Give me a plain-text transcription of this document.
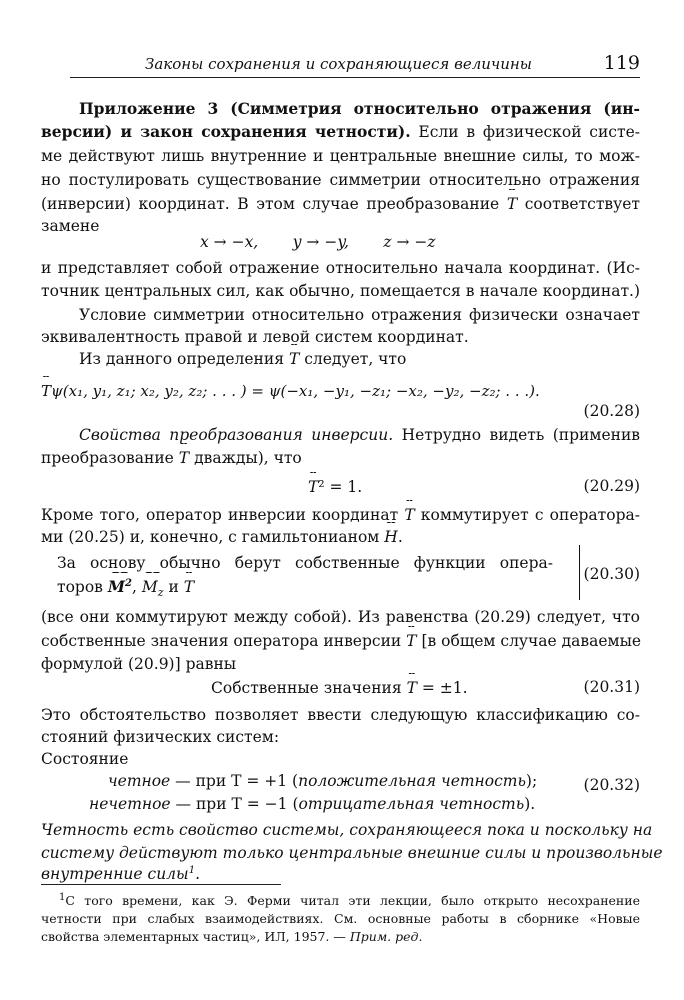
Законы сохранения и сохраняющиеся величины	119
Приложение 3 (Симметрия относительно отражения (ин-
версии) и закон сохранения четности). Если в физической систе-
ме действуют лишь внутренние и центральные внешние силы, то мож-
но постулировать существование симметрии относительно отражения
(инверсии) координат. В этом случае преобразование T соответствует
замене
x → −x,       y → −y,       z → −z
и представляет собой отражение относительно начала координат. (Ис-
точник центральных сил, как обычно, помещается в начале координат.)
Условие симметрии относительно отражения физически означает
эквивалентность правой и левой систем координат.
Из данного определения T следует, что
Tψ(x₁, y₁, z₁; x₂, y₂, z₂; . . . ) = ψ(−x₁, −y₁, −z₁; −x₂, −y₂, −z₂; . . .).
(20.28)
Свойства преобразования инверсии. Нетрудно видеть (применив
преобразование T дважды), что
T² = 1.	(20.29)
Кроме того, оператор инверсии координат T коммутирует с оператора-
ми (20.25) и, конечно, с гамильтонианом H.
За основу обычно берут собственные функции опера-
торов $M^2$, $M_z$ и T
(20.30)
(все они коммутируют между собой). Из равенства (20.29) следует, что
собственные значения оператора инверсии T [в общем случае даваемые
формулой (20.9)] равны
Собственные значения T = ±1.	(20.31)
Это обстоятельство позволяет ввести следующую классификацию со-
стояний физических систем:
Состояние
четное — при T = +1 (положительная четность);
нечетное — при T = −1 (отрицательная четность).
(20.32)
Четность есть свойство системы, сохраняющееся пока и поскольку на
систему действуют только центральные внешние силы и произвольные
внутренние силы$^1$.
$^1$С того времени, как Э. Ферми читал эти лекции, было открыто несохранение
четности при слабых взаимодействиях. См. основные работы в сборнике «Новые
свойства элементарных частиц», ИЛ, 1957. — Прим. ред.
